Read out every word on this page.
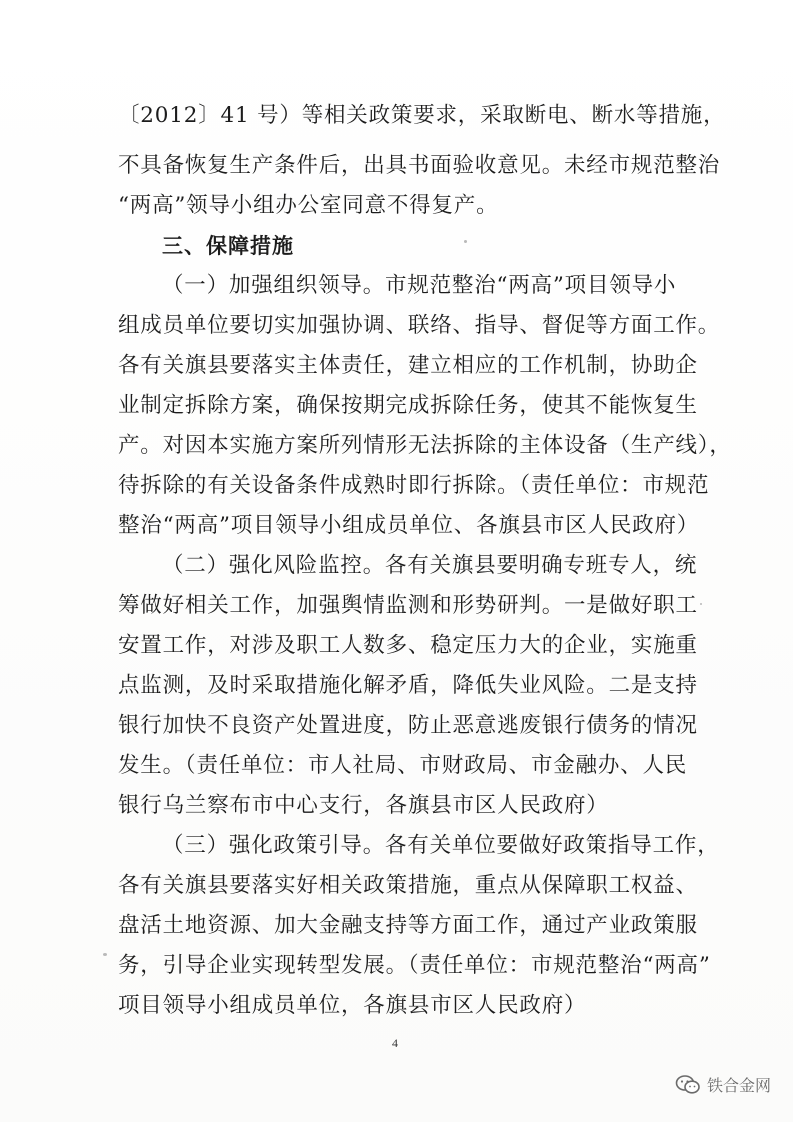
〔2012〕41 号）等相关政策要求，采取断电、断水等措施，
不具备恢复生产条件后，出具书面验收意见。未经市规范整治
“两高”领导小组办公室同意不得复产。
三、保障措施
（一）加强组织领导。市规范整治“两高”项目领导小
组成员单位要切实加强协调、联络、指导、督促等方面工作。
各有关旗县要落实主体责任，建立相应的工作机制，协助企
业制定拆除方案，确保按期完成拆除任务，使其不能恢复生
产。对因本实施方案所列情形无法拆除的主体设备（生产线），
待拆除的有关设备条件成熟时即行拆除。（责任单位：市规范
整治“两高”项目领导小组成员单位、各旗县市区人民政府）
（二）强化风险监控。各有关旗县要明确专班专人，统
筹做好相关工作，加强舆情监测和形势研判。一是做好职工
安置工作，对涉及职工人数多、稳定压力大的企业，实施重
点监测，及时采取措施化解矛盾，降低失业风险。二是支持
银行加快不良资产处置进度，防止恶意逃废银行债务的情况
发生。（责任单位：市人社局、市财政局、市金融办、人民
银行乌兰察布市中心支行，各旗县市区人民政府）
（三）强化政策引导。各有关单位要做好政策指导工作，
各有关旗县要落实好相关政策措施，重点从保障职工权益、
盘活土地资源、加大金融支持等方面工作，通过产业政策服
务，引导企业实现转型发展。（责任单位：市规范整治“两高”
项目领导小组成员单位，各旗县市区人民政府）
4
铁合金网
